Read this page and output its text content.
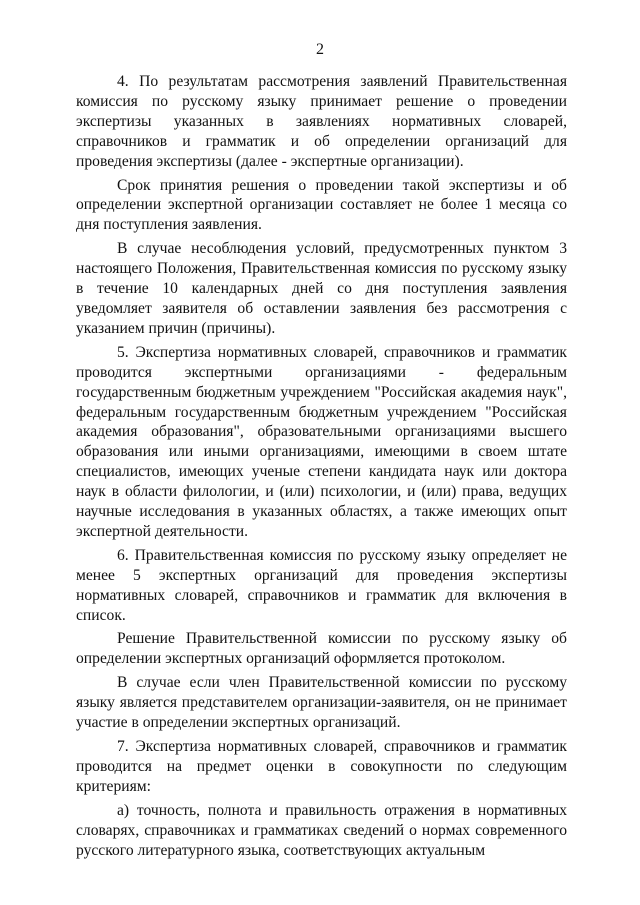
2

4. По результатам рассмотрения заявлений Правительственная комиссия по русскому языку принимает решение о проведении экспертизы указанных в заявлениях нормативных словарей, справочников и грамматик и об определении организаций для проведения экспертизы (далее - экспертные организации).

Срок принятия решения о проведении такой экспертизы и об определении экспертной организации составляет не более 1 месяца со дня поступления заявления.

В случае несоблюдения условий, предусмотренных пунктом 3 настоящего Положения, Правительственная комиссия по русскому языку в течение 10 календарных дней со дня поступления заявления уведомляет заявителя об оставлении заявления без рассмотрения с указанием причин (причины).

5. Экспертиза нормативных словарей, справочников и грамматик проводится экспертными организациями - федеральным государственным бюджетным учреждением "Российская академия наук", федеральным государственным бюджетным учреждением "Российская академия образования", образовательными организациями высшего образования или иными организациями, имеющими в своем штате специалистов, имеющих ученые степени кандидата наук или доктора наук в области филологии, и (или) психологии, и (или) права, ведущих научные исследования в указанных областях, а также имеющих опыт экспертной деятельности.

6. Правительственная комиссия по русскому языку определяет не менее 5 экспертных организаций для проведения экспертизы нормативных словарей, справочников и грамматик для включения в список.

Решение Правительственной комиссии по русскому языку об определении экспертных организаций оформляется протоколом.

В случае если член Правительственной комиссии по русскому языку является представителем организации-заявителя, он не принимает участие в определении экспертных организаций.

7. Экспертиза нормативных словарей, справочников и грамматик проводится на предмет оценки в совокупности по следующим критериям:

а) точность, полнота и правильность отражения в нормативных словарях, справочниках и грамматиках сведений о нормах современного русского литературного языка, соответствующих актуальным
